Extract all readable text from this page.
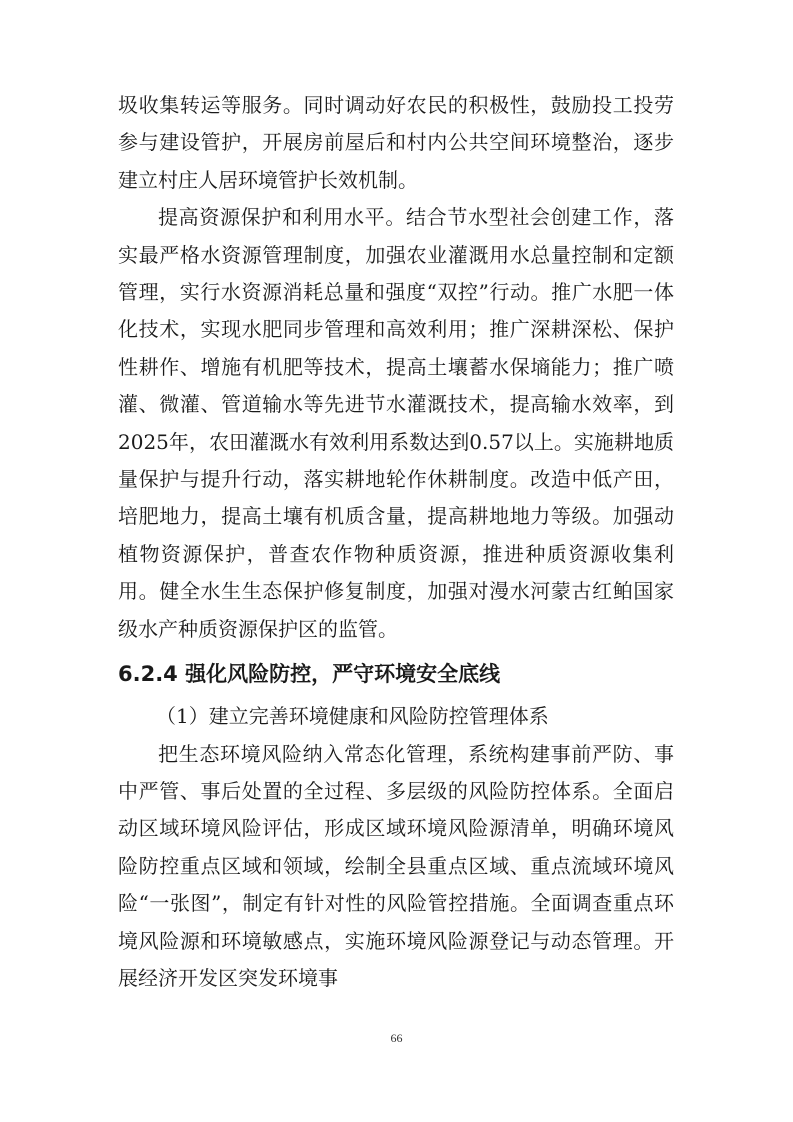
圾收集转运等服务。同时调动好农民的积极性，鼓励投工投劳参与建设管护，开展房前屋后和村内公共空间环境整治，逐步建立村庄人居环境管护长效机制。

提高资源保护和利用水平。结合节水型社会创建工作，落实最严格水资源管理制度，加强农业灌溉用水总量控制和定额管理，实行水资源消耗总量和强度“双控”行动。推广水肥一体化技术，实现水肥同步管理和高效利用；推广深耕深松、保护性耕作、增施有机肥等技术，提高土壤蓄水保墒能力；推广喷灌、微灌、管道输水等先进节水灌溉技术，提高输水效率，到2025年，农田灌溉水有效利用系数达到0.57以上。实施耕地质量保护与提升行动，落实耕地轮作休耕制度。改造中低产田，培肥地力，提高土壤有机质含量，提高耕地地力等级。加强动植物资源保护，普查农作物种质资源，推进种质资源收集利用。健全水生生态保护修复制度，加强对漫水河蒙古红鲌国家级水产种质资源保护区的监管。

6.2.4 强化风险防控，严守环境安全底线

（1）建立完善环境健康和风险防控管理体系

把生态环境风险纳入常态化管理，系统构建事前严防、事中严管、事后处置的全过程、多层级的风险防控体系。全面启动区域环境风险评估，形成区域环境风险源清单，明确环境风险防控重点区域和领域，绘制全县重点区域、重点流域环境风险“一张图”，制定有针对性的风险管控措施。全面调查重点环境风险源和环境敏感点，实施环境风险源登记与动态管理。开展经济开发区突发环境事

66
